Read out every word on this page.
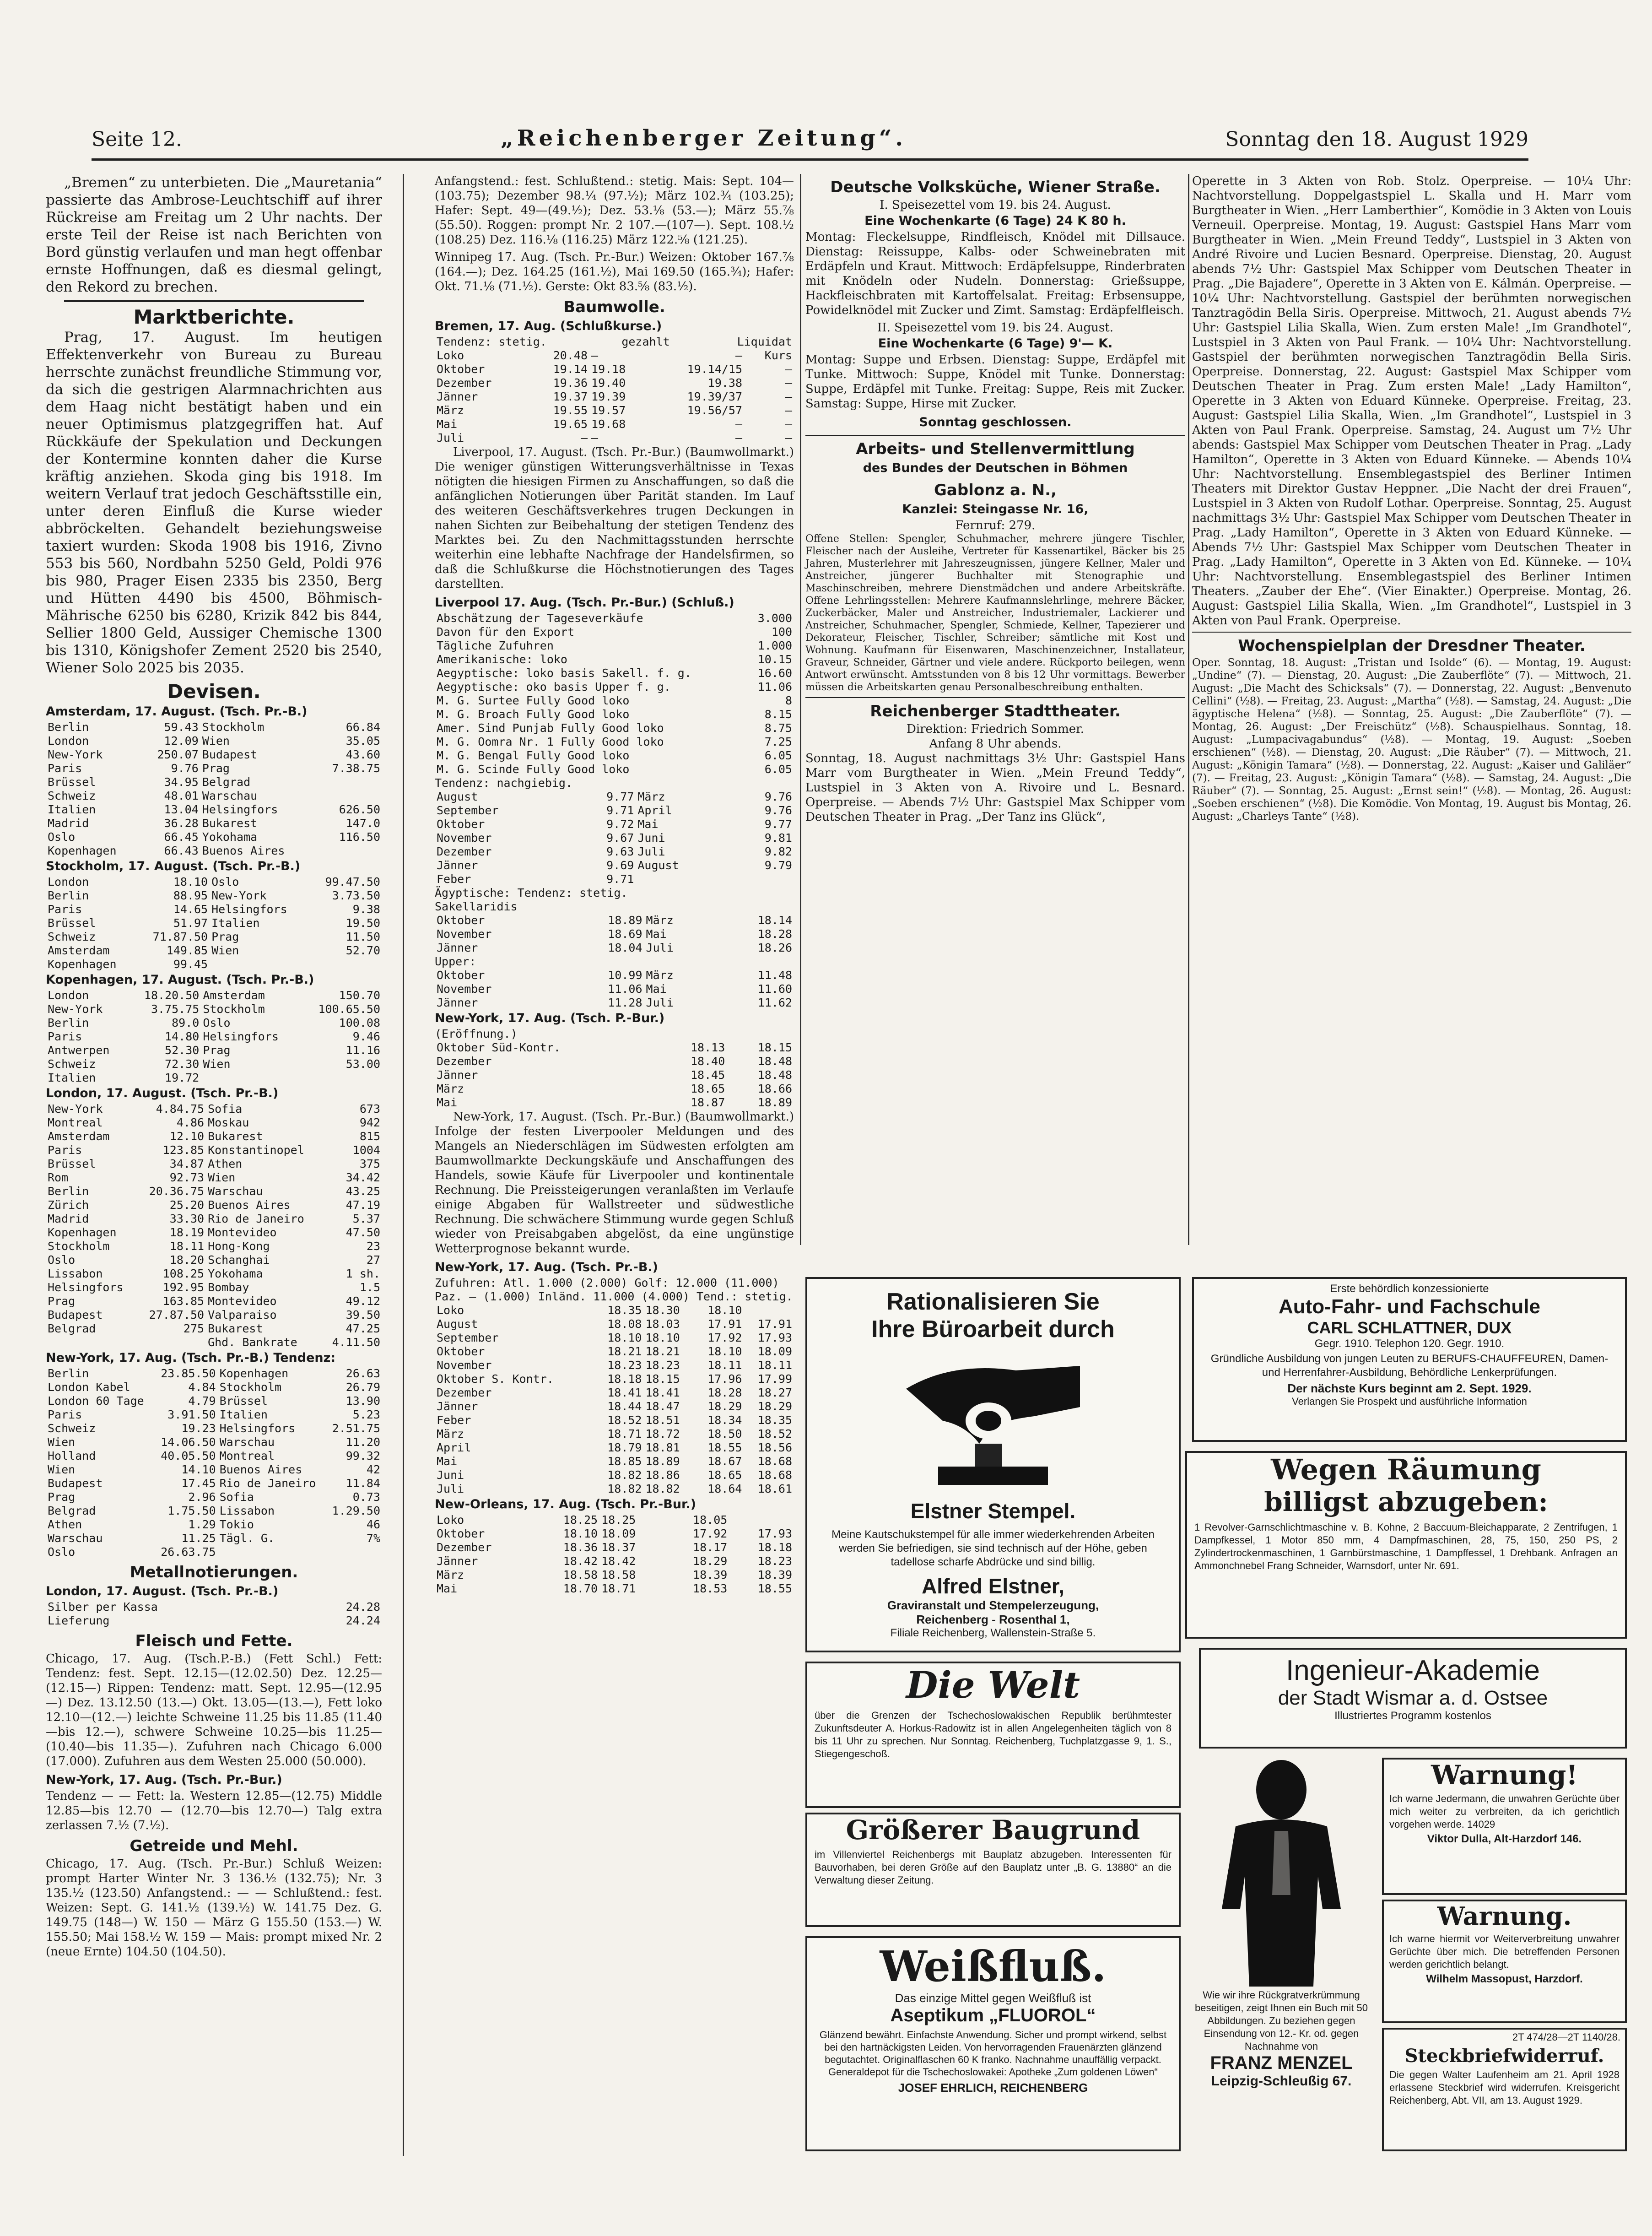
Seite 12.	„Reichenberger Zeitung“.	Sonntag den 18. August 1929

„Bremen“ zu unterbieten. Die „Mauretania“ passierte das Ambrose-Leuchtschiff auf ihrer Rückreise am Freitag um 2 Uhr nachts. Der erste Teil der Reise ist nach Berichten von Bord günstig verlaufen und man hegt offenbar ernste Hoffnungen, daß es diesmal gelingt, den Rekord zu brechen.

Marktberichte.

Prag, 17. August. Im heutigen Effektenverkehr von Bureau zu Bureau herrschte zunächst freundliche Stimmung vor, da sich die gestrigen Alarmnachrichten aus dem Haag nicht bestätigt haben und ein neuer Optimismus platzgegriffen hat. Auf Rückkäufe der Spekulation und Deckungen der Kontermine konnten daher die Kurse kräftig anziehen. Skoda ging bis 1918. Im weitern Verlauf trat jedoch Geschäftsstille ein, unter deren Einfluß die Kurse wieder abbröckelten. Gehandelt beziehungsweise taxiert wurden: Skoda 1908 bis 1916, Zivno 553 bis 560, Nordbahn 5250 Geld, Poldi 976 bis 980, Prager Eisen 2335 bis 2350, Berg und Hütten 4490 bis 4500, Böhmisch-Mährische 6250 bis 6280, Krizik 842 bis 844, Sellier 1800 Geld, Aussiger Chemische 1300 bis 1310, Königshofer Zement 2520 bis 2540, Wiener Solo 2025 bis 2035.

Devisen.
Amsterdam, 17. August. (Tsch. Pr.-B.)
Berlin	59.43	Stockholm	66.84
London	12.09	Wien	35.05
New-York	250.07	Budapest	43.60
Paris	9.76	Prag	7.38.75
Brüssel	34.95	Belgrad	
Schweiz	48.01	Warschau	
Italien	13.04	Helsingfors	626.50
Madrid	36.28	Bukarest	147.0
Oslo	66.45	Yokohama	116.50
Kopenhagen	66.43	Buenos Aires	
Stockholm, 17. August. (Tsch. Pr.-B.)
London	18.10	Oslo	99.47.50
Berlin	88.95	New-York	3.73.50
Paris	14.65	Helsingfors	9.38
Brüssel	51.97	Italien	19.50
Schweiz	71.87.50	Prag	11.50
Amsterdam	149.85	Wien	52.70
Kopenhagen	99.45		
Kopenhagen, 17. August. (Tsch. Pr.-B.)
London	18.20.50	Amsterdam	150.70
New-York	3.75.75	Stockholm	100.65.50
Berlin	89.0	Oslo	100.08
Paris	14.80	Helsingfors	9.46
Antwerpen	52.30	Prag	11.16
Schweiz	72.30	Wien	53.00
Italien	19.72		
London, 17. August. (Tsch. Pr.-B.)
New-York	4.84.75	Sofia	673
Montreal	4.86	Moskau	942
Amsterdam	12.10	Bukarest	815
Paris	123.85	Konstantinopel	1004
Brüssel	34.87	Athen	375
Rom	92.73	Wien	34.42
Berlin	20.36.75	Warschau	43.25
Zürich	25.20	Buenos Aires	47.19
Madrid	33.30	Rio de Janeiro	5.37
Kopenhagen	18.19	Montevideo	47.50
Stockholm	18.11	Hong-Kong	23
Oslo	18.20	Schanghai	27
Lissabon	108.25	Yokohama	1 sh.
Helsingfors	192.95	Bombay	1.5
Prag	163.85	Montevideo	49.12
Budapest	27.87.50	Valparaiso	39.50
Belgrad	275	Bukarest	47.25
		Ghd. Bankrate	4.11.50
New-York, 17. Aug. (Tsch. Pr.-B.) Tendenz:
Berlin	23.85.50	Kopenhagen	26.63
London Kabel	4.84	Stockholm	26.79
London 60 Tage	4.79	Brüssel	13.90
Paris	3.91.50	Italien	5.23
Schweiz	19.23	Helsingfors	2.51.75
Wien	14.06.50	Warschau	11.20
Holland	40.05.50	Montreal	99.32
Wien	14.10	Buenos Aires	42
Budapest	17.45	Rio de Janeiro	11.84
Prag	2.96	Sofia	0.73
Belgrad	1.75.50	Lissabon	1.29.50
Athen	1.29	Tokio	46
Warschau	11.25	Tägl. G.	7%
Oslo	26.63.75		
Metallnotierungen.
London, 17. August. (Tsch. Pr.-B.)
Silber per Kassa	24.28
Lieferung	24.24
Fleisch und Fette.

Chicago, 17. Aug. (Tsch.P.-B.) (Fett Schl.) Fett: Tendenz: fest. Sept. 12.15—(12.02.50) Dez. 12.25—(12.15—) Rippen: Tendenz: matt. Sept. 12.95—(12.95—) Dez. 13.12.50 (13.—) Okt. 13.05—(13.—), Fett loko 12.10—(12.—) leichte Schweine 11.25 bis 11.85 (11.40—bis 12.—), schwere Schweine 10.25—bis 11.25—(10.40—bis 11.35—). Zufuhren nach Chicago 6.000 (17.000). Zufuhren aus dem Westen 25.000 (50.000).

New-York, 17. Aug. (Tsch. Pr.-Bur.)

Tendenz — — Fett: la. Western 12.85—(12.75) Middle 12.85—bis 12.70 — (12.70—bis 12.70—) Talg extra zerlassen 7.½ (7.½).

Getreide und Mehl.

Chicago, 17. Aug. (Tsch. Pr.-Bur.) Schluß Weizen: prompt Harter Winter Nr. 3 136.½ (132.75); Nr. 3 135.½ (123.50) Anfangstend.: — — Schlußtend.: fest. Weizen: Sept. G. 141.½ (139.½) W. 141.75 Dez. G. 149.75 (148—) W. 150 — März G 155.50 (153.—) W. 155.50; Mai 158.½ W. 159 — Mais: prompt mixed Nr. 2 (neue Ernte) 104.50 (104.50).

Anfangstend.: fest. Schlußtend.: stetig. Mais: Sept. 104—(103.75); Dezember 98.¼ (97.½); März 102.¾ (103.25); Hafer: Sept. 49—(49.½); Dez. 53.⅛ (53.—); März 55.⅞ (55.50). Roggen: prompt Nr. 2 107.—(107—). Sept. 108.½ (108.25) Dez. 116.⅛ (116.25) März 122.⅝ (121.25).

Winnipeg 17. Aug. (Tsch. Pr.-Bur.) Weizen: Oktober 167.⅞ (164.—); Dez. 164.25 (161.½), Mai 169.50 (165.¾); Hafer: Okt. 71.⅛ (71.½). Gerste: Okt 83.⅝ (83.½).

Baumwolle.
Bremen, 17. Aug. (Schlußkurse.)
Tendenz: stetig.		gezahlt	Liquidat
Loko	20.48	—	—	Kurs
Oktober	19.14	19.18	19.14/15	—
Dezember	19.36	19.40	19.38	—
Jänner	19.37	19.39	19.39/37	—
März	19.55	19.57	19.56/57	—
Mai	19.65	19.68	—	—
Juli	—	—	—	—

Liverpool, 17. August. (Tsch. Pr.-Bur.) (Baumwollmarkt.) Die weniger günstigen Witterungsverhältnisse in Texas nötigten die hiesigen Firmen zu Anschaffungen, so daß die anfänglichen Notierungen über Parität standen. Im Lauf des weiteren Geschäftsverkehres trugen Deckungen in nahen Sichten zur Beibehaltung der stetigen Tendenz des Marktes bei. Zu den Nachmittagsstunden herrschte weiterhin eine lebhafte Nachfrage der Handelsfirmen, so daß die Schlußkurse die Höchstnotierungen des Tages darstellten.

Liverpool 17. Aug. (Tsch. Pr.-Bur.) (Schluß.)
Abschätzung der Tageseverkäufe	3.000
Davon für den Export	100
Tägliche Zufuhren	1.000
Amerikanische: loko	10.15
Aegyptische: loko basis Sakell. f. g.	16.60
Aegyptische: oko basis Upper f. g.	11.06
M. G. Surtee Fully Good loko	8
M. G. Broach Fully Good loko	8.15
Amer. Sind Punjab Fully Good loko	8.75
M. G. Oomra Nr. 1 Fully Good loko	7.25
M. G. Bengal Fully Good loko	6.05
M. G. Scinde Fully Good loko	6.05
Tendenz: nachgiebig.
August	9.77	März	9.76
September	9.71	April	9.76
Oktober	9.72	Mai	9.77
November	9.67	Juni	9.81
Dezember	9.63	Juli	9.82
Jänner	9.69	August	9.79
Feber	9.71		
Ägyptische: Tendenz: stetig.
Sakellaridis
Oktober	18.89	März	18.14
November	18.69	Mai	18.28
Jänner	18.04	Juli	18.26
Upper:
Oktober	10.99	März	11.48
November	11.06	Mai	11.60
Jänner	11.28	Juli	11.62
New-York, 17. Aug. (Tsch. P.-Bur.)
(Eröffnung.)
Oktober Süd-Kontr.	18.13	18.15
Dezember	18.40	18.48
Jänner	18.45	18.48
März	18.65	18.66
Mai	18.87	18.89

New-York, 17. August. (Tsch. Pr.-Bur.) (Baumwollmarkt.) Infolge der festen Liverpooler Meldungen und des Mangels an Niederschlägen im Südwesten erfolgten am Baumwollmarkte Deckungskäufe und Anschaffungen des Handels, sowie Käufe für Liverpooler und kontinentale Rechnung. Die Preissteigerungen veranlaßten im Verlaufe einige Abgaben für Wallstreeter und südwestliche Rechnung. Die schwächere Stimmung wurde gegen Schluß wieder von Preisabgaben abgelöst, da eine ungünstige Wetterprognose bekannt wurde.

New-York, 17. Aug. (Tsch. Pr.-B.)
Zufuhren: Atl. 1.000 (2.000) Golf: 12.000 (11.000) Paz. — (1.000) Inländ. 11.000 (4.000) Tend.: stetig.
Loko	18.35	18.30	18.10	
August	18.08	18.03	17.91	17.91
September	18.10	18.10	17.92	17.93
Oktober	18.21	18.21	18.10	18.09
November	18.23	18.23	18.11	18.11
Oktober S. Kontr.	18.18	18.15	17.96	17.99
Dezember	18.41	18.41	18.28	18.27
Jänner	18.44	18.47	18.29	18.29
Feber	18.52	18.51	18.34	18.35
März	18.71	18.72	18.50	18.52
April	18.79	18.81	18.55	18.56
Mai	18.85	18.89	18.67	18.68
Juni	18.82	18.86	18.65	18.68
Juli	18.82	18.82	18.64	18.61
New-Orleans, 17. Aug. (Tsch. Pr.-Bur.)
Loko	18.25	18.25	18.05	
Oktober	18.10	18.09	17.92	17.93
Dezember	18.36	18.37	18.17	18.18
Jänner	18.42	18.42	18.29	18.23
März	18.58	18.58	18.39	18.39
Mai	18.70	18.71	18.53	18.55
Deutsche Volksküche, Wiener Straße.
I. Speisezettel vom 19. bis 24. August.
Eine Wochenkarte (6 Tage) 24 K 80 h.

Montag: Fleckelsuppe, Rindfleisch, Knödel mit Dillsauce. Dienstag: Reissuppe, Kalbs- oder Schweinebraten mit Erdäpfeln und Kraut. Mittwoch: Erdäpfelsuppe, Rinderbraten mit Knödeln oder Nudeln. Donnerstag: Grießsuppe, Hackfleischbraten mit Kartoffelsalat. Freitag: Erbsensuppe, Powidelknödel mit Zucker und Zimt. Samstag: Erdäpfelfleisch.

II. Speisezettel vom 19. bis 24. August.
Eine Wochenkarte (6 Tage) 9'— K.

Montag: Suppe und Erbsen. Dienstag: Suppe, Erdäpfel mit Tunke. Mittwoch: Suppe, Knödel mit Tunke. Donnerstag: Suppe, Erdäpfel mit Tunke. Freitag: Suppe, Reis mit Zucker. Samstag: Suppe, Hirse mit Zucker.

Sonntag geschlossen.
Arbeits- und Stellenvermittlung
des Bundes der Deutschen in Böhmen
Gablonz a. N.,
Kanzlei: Steingasse Nr. 16,
Fernruf: 279.

Offene Stellen: Spengler, Schuhmacher, mehrere jüngere Tischler, Fleischer nach der Ausleihe, Vertreter für Kassenartikel, Bäcker bis 25 Jahren, Musterlehrer mit Jahreszeugnissen, jüngere Kellner, Maler und Anstreicher, jüngerer Buchhalter mit Stenographie und Maschinschreiben, mehrere Dienstmädchen und andere Arbeitskräfte. Offene Lehrlingsstellen: Mehrere Kaufmannslehrlinge, mehrere Bäcker, Zuckerbäcker, Maler und Anstreicher, Industriemaler, Lackierer und Anstreicher, Schuhmacher, Spengler, Schmiede, Kellner, Tapezierer und Dekorateur, Fleischer, Tischler, Schreiber; sämtliche mit Kost und Wohnung. Kaufmann für Eisenwaren, Maschinenzeichner, Installateur, Graveur, Schneider, Gärtner und viele andere. Rückporto beilegen, wenn Antwort erwünscht. Amtsstunden von 8 bis 12 Uhr vormittags. Bewerber müssen die Arbeitskarten genau Personalbeschreibung enthalten.

Reichenberger Stadttheater.
Direktion: Friedrich Sommer.
Anfang 8 Uhr abends.

Sonntag, 18. August nachmittags 3½ Uhr: Gastspiel Hans Marr vom Burgtheater in Wien. „Mein Freund Teddy“, Lustspiel in 3 Akten von A. Rivoire und L. Besnard. Operpreise. — Abends 7½ Uhr: Gastspiel Max Schipper vom Deutschen Theater in Prag. „Der Tanz ins Glück“,

Operette in 3 Akten von Rob. Stolz. Operpreise. — 10¼ Uhr: Nachtvorstellung. Doppelgastspiel L. Skalla und H. Marr vom Burgtheater in Wien. „Herr Lamberthier“, Komödie in 3 Akten von Louis Verneuil. Operpreise. Montag, 19. August: Gastspiel Hans Marr vom Burgtheater in Wien. „Mein Freund Teddy“, Lustspiel in 3 Akten von André Rivoire und Lucien Besnard. Operpreise. Dienstag, 20. August abends 7½ Uhr: Gastspiel Max Schipper vom Deutschen Theater in Prag. „Die Bajadere“, Operette in 3 Akten von E. Kálmán. Operpreise. — 10¼ Uhr: Nachtvorstellung. Gastspiel der berühmten norwegischen Tanztragödin Bella Siris. Operpreise. Mittwoch, 21. August abends 7½ Uhr: Gastspiel Lilia Skalla, Wien. Zum ersten Male! „Im Grandhotel“, Lustspiel in 3 Akten von Paul Frank. — 10¼ Uhr: Nachtvorstellung. Gastspiel der berühmten norwegischen Tanztragödin Bella Siris. Operpreise. Donnerstag, 22. August: Gastspiel Max Schipper vom Deutschen Theater in Prag. Zum ersten Male! „Lady Hamilton“, Operette in 3 Akten von Eduard Künneke. Operpreise. Freitag, 23. August: Gastspiel Lilia Skalla, Wien. „Im Grandhotel“, Lustspiel in 3 Akten von Paul Frank. Operpreise. Samstag, 24. August um 7½ Uhr abends: Gastspiel Max Schipper vom Deutschen Theater in Prag. „Lady Hamilton“, Operette in 3 Akten von Eduard Künneke. — Abends 10¼ Uhr: Nachtvorstellung. Ensemblegastspiel des Berliner Intimen Theaters mit Direktor Gustav Heppner. „Die Nacht der drei Frauen“, Lustspiel in 3 Akten von Rudolf Lothar. Operpreise. Sonntag, 25. August nachmittags 3½ Uhr: Gastspiel Max Schipper vom Deutschen Theater in Prag. „Lady Hamilton“, Operette in 3 Akten von Eduard Künneke. — Abends 7½ Uhr: Gastspiel Max Schipper vom Deutschen Theater in Prag. „Lady Hamilton“, Operette in 3 Akten von Ed. Künneke. — 10¼ Uhr: Nachtvorstellung. Ensemblegastspiel des Berliner Intimen Theaters. „Zauber der Ehe“. (Vier Einakter.) Operpreise. Montag, 26. August: Gastspiel Lilia Skalla, Wien. „Im Grandhotel“, Lustspiel in 3 Akten von Paul Frank. Operpreise.

Wochenspielplan der Dresdner Theater.

Oper. Sonntag, 18. August: „Tristan und Isolde“ (6). — Montag, 19. August: „Undine“ (7). — Dienstag, 20. August: „Die Zauberflöte“ (7). — Mittwoch, 21. August: „Die Macht des Schicksals“ (7). — Donnerstag, 22. August: „Benvenuto Cellini“ (½8). — Freitag, 23. August: „Martha“ (½8). — Samstag, 24. August: „Die ägyptische Helena“ (½8). — Sonntag, 25. August: „Die Zauberflöte“ (7). — Montag, 26. August: „Der Freischütz“ (½8). Schauspielhaus. Sonntag, 18. August: „Lumpacivagabundus“ (½8). — Montag, 19. August: „Soeben erschienen“ (½8). — Dienstag, 20. August: „Die Räuber“ (7). — Mittwoch, 21. August: „Königin Tamara“ (½8). — Donnerstag, 22. August: „Kaiser und Galiläer“ (7). — Freitag, 23. August: „Königin Tamara“ (½8). — Samstag, 24. August: „Die Räuber“ (7). — Sonntag, 25. August: „Ernst sein!“ (½8). — Montag, 26. August: „Soeben erschienen“ (½8). Die Komödie. Von Montag, 19. August bis Montag, 26. August: „Charleys Tante“ (½8).

Rationalisieren Sie
Ihre Büroarbeit durch
Elstner Stempel.
Meine Kautschukstempel für alle immer wiederkehrenden Arbeiten werden Sie befriedigen, sie sind technisch auf der Höhe, geben tadellose scharfe Abdrücke und sind billig.
Alfred Elstner,
Graviranstalt und Stempelerzeugung,
Reichenberg - Rosenthal 1,
Filiale Reichenberg, Wallenstein-Straße 5.
Erste behördlich konzessionierte
Auto-Fahr- und Fachschule
CARL SCHLATTNER, DUX
Gegr. 1910. Telephon 120. Gegr. 1910.
Gründliche Ausbildung von jungen Leuten zu BERUFS-CHAUFFEUREN, Damen- und Herrenfahrer-Ausbildung, Behördliche Lenkerprüfungen.
Der nächste Kurs beginnt am 2. Sept. 1929.
Verlangen Sie Prospekt und ausführliche Information
Wegen Räumung
billigst abzugeben:
1 Revolver-Garnschlichtmaschine v. B. Kohne, 2 Baccuum-Bleichapparate, 2 Zentrifugen, 1 Dampfkessel, 1 Motor 850 mm, 4 Dampfmaschinen, 28, 75, 150, 250 PS, 2 Zylindertrockenmaschinen, 1 Garnbürstmaschine, 1 Dampffessel, 1 Drehbank. Anfragen an Ammonchnebel Frang Schneider, Warnsdorf, unter Nr. 691.
Ingenieur-Akademie
der Stadt Wismar a. d. Ostsee
Illustriertes Programm kostenlos
Die Welt
über die Grenzen der Tschechoslowakischen Republik berühmtester Zukunftsdeuter A. Horkus-Radowitz ist in allen Angelegenheiten täglich von 8 bis 11 Uhr zu sprechen. Nur Sonntag. Reichenberg, Tuchplatzgasse 9, 1. S., Stiegengeschoß.
Größerer Baugrund
im Villenviertel Reichenbergs mit Bauplatz abzugeben. Interessenten für Bauvorhaben, bei deren Größe auf den Bauplatz unter „B. G. 13880“ an die Verwaltung dieser Zeitung.
Weißfluß.
Das einzige Mittel gegen Weißfluß ist
Aseptikum „FLUOROL“
Glänzend bewährt. Einfachste Anwendung. Sicher und prompt wirkend, selbst bei den hartnäckigsten Leiden. Von hervorragenden Frauenärzten glänzend begutachtet. Originalflaschen 60 K franko. Nachnahme unauffällig verpackt. Generaldepot für die Tschechoslowakei: Apotheke „Zum goldenen Löwen“
JOSEF EHRLICH, REICHENBERG
Wie wir ihre Rückgratverkrümmung beseitigen, zeigt Ihnen ein Buch mit 50 Abbildungen. Zu beziehen gegen Einsendung von 12.- Kr. od. gegen Nachnahme von
FRANZ MENZEL
Leipzig-Schleußig 67.
Warnung!
Ich warne Jedermann, die unwahren Gerüchte über mich weiter zu verbreiten, da ich gerichtlich vorgehen werde. 14029
Viktor Dulla, Alt-Harzdorf 146.
Warnung.
Ich warne hiermit vor Weiterverbreitung unwahrer Gerüchte über mich. Die betreffenden Personen werden gerichtlich belangt.
Wilhelm Massopust, Harzdorf.
2T 474/28—2T 1140/28.
Steckbriefwiderruf.
Die gegen Walter Laufenheim am 21. April 1928 erlassene Steckbrief wird widerrufen. Kreisgericht Reichenberg, Abt. VII, am 13. August 1929.
